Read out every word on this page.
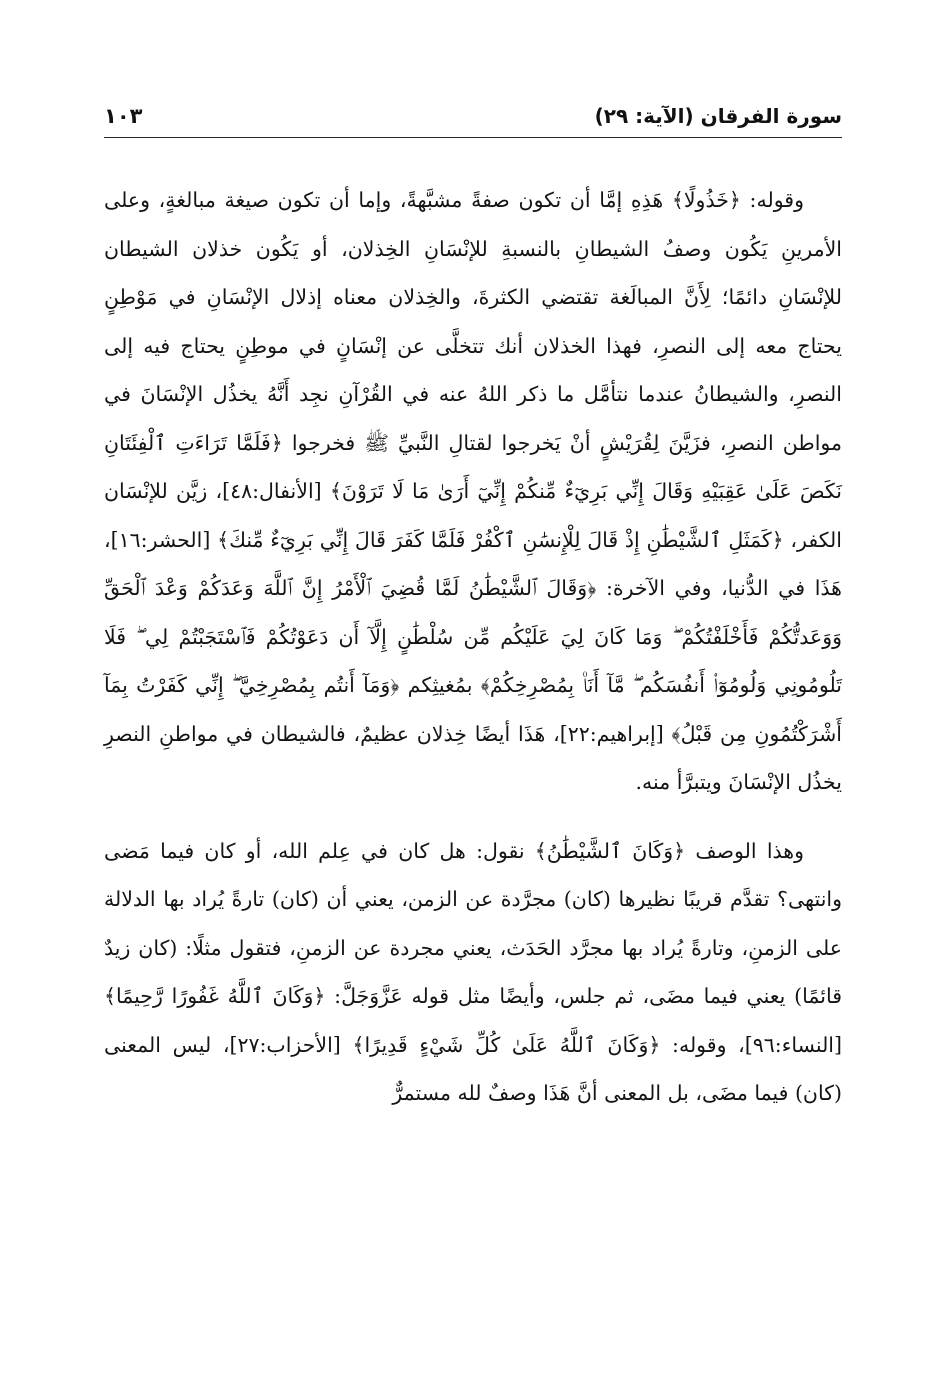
سورة الفرقان (الآية: ٢٩)
١٠٣

وقوله: ﴿خَذُولًا﴾ هَذِهِ إمَّا أن تكون صفةً مشبَّهةً، وإما أن تكون صيغة مبالغةٍ، وعلى الأمرينِ يَكُون وصفُ الشيطانِ بالنسبةِ للإنْسَانِ الخِذلان، أو يَكُون خذلان الشيطان للإنْسَانِ دائمًا؛ لِأَنَّ المبالَغة تقتضي الكثرةَ، والخِذلان معناه إذلال الإنْسَانِ في مَوْطِنٍ يحتاج معه إلى النصرِ، فهذا الخذلان أنك تتخلَّى عن إنْسَانٍ في موطِنٍ يحتاج فيه إلى النصرِ، والشيطانُ عندما نتأمَّل ما ذكر اللهُ عنه في القُرْآنِ نجِد أَنَّهُ يخذُل الإنْسَانَ في مواطن النصرِ، فزَيَّنَ لِقُرَيْشٍ أنْ يَخرجوا لقتالِ النَّبيِّ ﷺ فخرجوا ﴿فَلَمَّا تَرَاءَتِ ٱلْفِئَتَانِ نَكَصَ عَلَىٰ عَقِبَيْهِ وَقَالَ إِنِّي بَرِيٓءٌ مِّنكُمْ إِنِّيٓ أَرَىٰ مَا لَا تَرَوْنَ﴾ [الأنفال:٤٨]، زيَّن للإنْسَان الكفر، ﴿كَمَثَلِ ٱلشَّيْطَٰنِ إِذْ قَالَ لِلْإِنسَٰنِ ٱكْفُرْ فَلَمَّا كَفَرَ قَالَ إِنِّي بَرِيٓءٌ مِّنكَ﴾ [الحشر:١٦]، هَذَا في الدُّنيا، وفي الآخرة: ﴿وَقَالَ ٱلشَّيْطَٰنُ لَمَّا قُضِيَ ٱلْأَمْرُ إِنَّ ٱللَّهَ وَعَدَكُمْ وَعْدَ ٱلْحَقِّ وَوَعَدتُّكُمْ فَأَخْلَفْتُكُمْ ۖ وَمَا كَانَ لِيَ عَلَيْكُم مِّن سُلْطَٰنٍ إِلَّآ أَن دَعَوْتُكُمْ فَٱسْتَجَبْتُمْ لِي ۖ فَلَا تَلُومُونِي وَلُومُوٓا۟ أَنفُسَكُم ۖ مَّآ أَنَا۠ بِمُصْرِخِكُمْ﴾ بمُغيثِكم ﴿وَمَآ أَنتُم بِمُصْرِخِيَّ ۖ إِنِّي كَفَرْتُ بِمَآ أَشْرَكْتُمُونِ مِن قَبْلُ﴾ [إبراهيم:٢٢]، هَذَا أيضًا خِذلان عظيمٌ، فالشيطان في مواطنِ النصرِ يخذُل الإنْسَانَ ويتبرَّأ منه.

وهذا الوصف ﴿وَكَانَ ٱلشَّيْطَٰنُ﴾ نقول: هل كان في عِلم الله، أو كان فيما مَضى وانتهى؟ تقدَّم قريبًا نظيرها (كان) مجرَّدة عن الزمن، يعني أن (كان) تارةً يُراد بها الدلالة على الزمنِ، وتارةً يُراد بها مجرَّد الحَدَث، يعني مجردة عن الزمنِ، فتقول مثلًا: (كان زيدٌ قائمًا) يعني فيما مضَى، ثم جلس، وأيضًا مثل قوله عَزَّوَجَلَّ: ﴿وَكَانَ ٱللَّهُ غَفُورًا رَّحِيمًا﴾ [النساء:٩٦]، وقوله: ﴿وَكَانَ ٱللَّهُ عَلَىٰ كُلِّ شَيْءٍ قَدِيرًا﴾ [الأحزاب:٢٧]، ليس المعنى (كان) فيما مضَى، بل المعنى أنَّ هَذَا وصفٌ لله مستمرٌّ
